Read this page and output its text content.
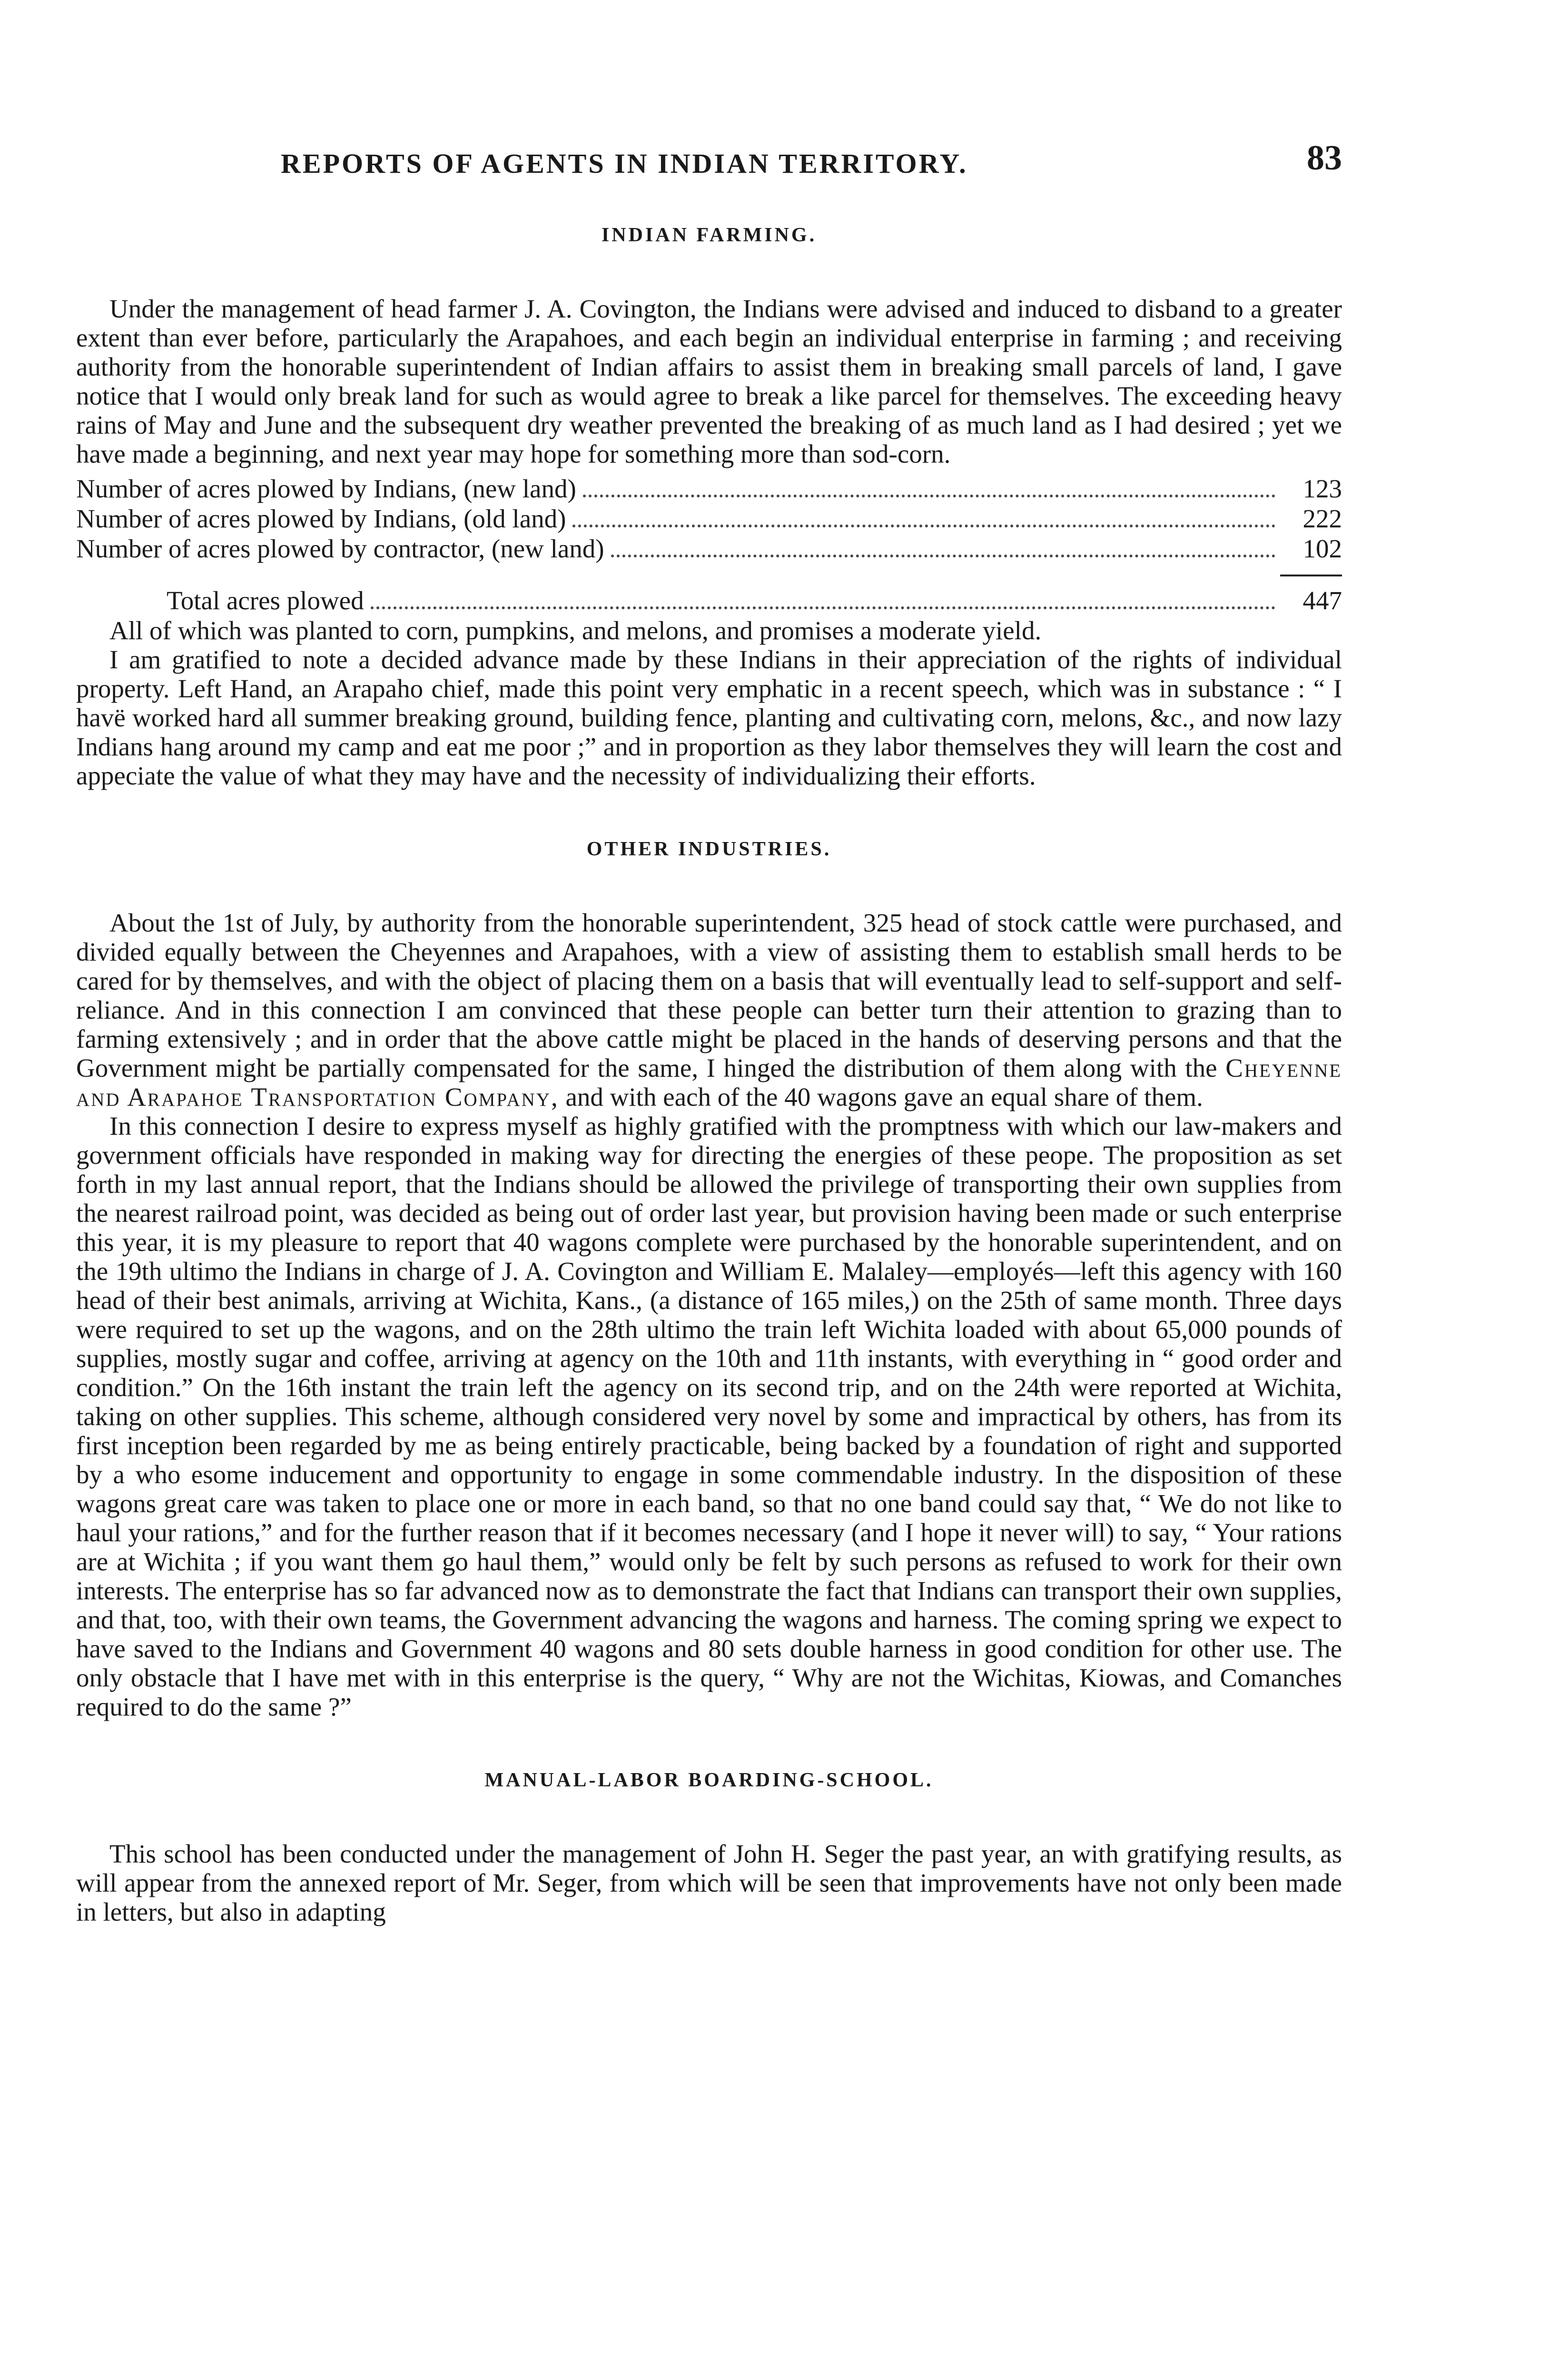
REPORTS OF AGENTS IN INDIAN TERRITORY.	83
INDIAN FARMING.

Under the management of head farmer J. A. Covington, the Indians were advised and induced to disband to a greater extent than ever before, particularly the Arapahoes, and each begin an individual enterprise in farming ; and receiving authority from the honorable superintendent of Indian affairs to assist them in breaking small parcels of land, I gave notice that I would only break land for such as would agree to break a like parcel for themselves. The exceeding heavy rains of May and June and the subsequent dry weather prevented the breaking of as much land as I had desired ; yet we have made a beginning, and next year may hope for something more than sod-corn.

Number of acres plowed by Indians, (new land)	123
Number of acres plowed by Indians, (old land)	222
Number of acres plowed by contractor, (new land)	102
Total acres plowed	447

All of which was planted to corn, pumpkins, and melons, and promises a moderate yield.

I am gratified to note a decided advance made by these Indians in their appreciation of the rights of individual property. Left Hand, an Arapaho chief, made this point very emphatic in a recent speech, which was in substance : “ I havë worked hard all summer breaking ground, building fence, planting and cultivating corn, melons, &c., and now lazy Indians hang around my camp and eat me poor ;” and in proportion as they labor themselves they will learn the cost and appeciate the value of what they may have and the necessity of individualizing their efforts.

OTHER INDUSTRIES.

About the 1st of July, by authority from the honorable superintendent, 325 head of stock cattle were purchased, and divided equally between the Cheyennes and Arapahoes, with a view of assisting them to establish small herds to be cared for by themselves, and with the object of placing them on a basis that will eventually lead to self-support and self-reliance. And in this connection I am convinced that these people can better turn their attention to grazing than to farming extensively ; and in order that the above cattle might be placed in the hands of deserving persons and that the Government might be partially compensated for the same, I hinged the distribution of them along with the Cheyenne and Arapahoe Transportation Company, and with each of the 40 wagons gave an equal share of them.

In this connection I desire to express myself as highly gratified with the promptness with which our law-makers and government officials have responded in making way for directing the energies of these peope. The proposition as set forth in my last annual report, that the Indians should be allowed the privilege of transporting their own supplies from the nearest railroad point, was decided as being out of order last year, but provision having been made or such enterprise this year, it is my pleasure to report that 40 wagons complete were purchased by the honorable superintendent, and on the 19th ultimo the Indians in charge of J. A. Covington and William E. Malaley—employés—left this agency with 160 head of their best animals, arriving at Wichita, Kans., (a distance of 165 miles,) on the 25th of same month. Three days were required to set up the wagons, and on the 28th ultimo the train left Wichita loaded with about 65,000 pounds of supplies, mostly sugar and coffee, arriving at agency on the 10th and 11th instants, with everything in “ good order and condition.” On the 16th instant the train left the agency on its second trip, and on the 24th were reported at Wichita, taking on other supplies. This scheme, although considered very novel by some and impractical by others, has from its first inception been regarded by me as being entirely practicable, being backed by a foundation of right and supported by a who esome inducement and opportunity to engage in some commendable industry. In the disposition of these wagons great care was taken to place one or more in each band, so that no one band could say that, “ We do not like to haul your rations,” and for the further reason that if it becomes necessary (and I hope it never will) to say, “ Your rations are at Wichita ; if you want them go haul them,” would only be felt by such persons as refused to work for their own interests. The enterprise has so far advanced now as to demonstrate the fact that Indians can transport their own supplies, and that, too, with their own teams, the Government advancing the wagons and harness. The coming spring we expect to have saved to the Indians and Government 40 wagons and 80 sets double harness in good condition for other use. The only obstacle that I have met with in this enterprise is the query, “ Why are not the Wichitas, Kiowas, and Comanches required to do the same ?”

MANUAL-LABOR BOARDING-SCHOOL.

This school has been conducted under the management of John H. Seger the past year, an with gratifying results, as will appear from the annexed report of Mr. Seger, from which will be seen that improvements have not only been made in letters, but also in adapting
